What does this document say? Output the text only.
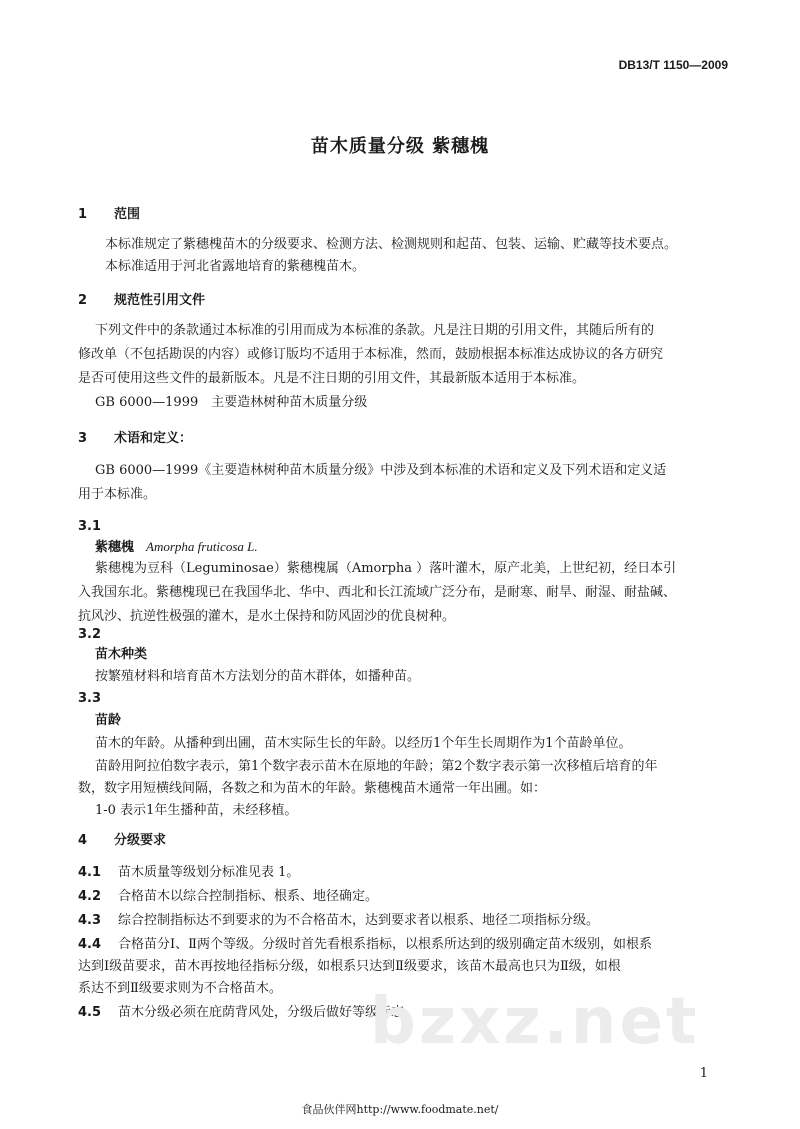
DB13/T 1150—2009
苗木质量分级 紫穗槐
1 范围
本标准规定了紫穗槐苗木的分级要求、检测方法、检测规则和起苗、包装、运输、贮藏等技术要点。
本标准适用于河北省露地培育的紫穗槐苗木。
2 规范性引用文件
下列文件中的条款通过本标准的引用而成为本标准的条款。凡是注日期的引用文件，其随后所有的
修改单（不包括勘误的内容）或修订版均不适用于本标准，然而，鼓励根据本标准达成协议的各方研究
是否可使用这些文件的最新版本。凡是不注日期的引用文件，其最新版本适用于本标准。
GB 6000—1999　主要造林树种苗木质量分级
3 术语和定义：
GB 6000—1999《主要造林树种苗木质量分级》中涉及到本标准的术语和定义及下列术语和定义适
用于本标准。
3.1
紫穗槐 Amorpha fruticosa L.
紫穗槐为豆科（Leguminosae）紫穗槐属（Amorpha ）落叶灌木，原产北美，上世纪初，经日本引
入我国东北。紫穗槐现已在我国华北、华中、西北和长江流域广泛分布，是耐寒、耐旱、耐湿、耐盐碱、
抗风沙、抗逆性极强的灌木，是水土保持和防风固沙的优良树种。
3.2
苗木种类
按繁殖材料和培育苗木方法划分的苗木群体，如播种苗。
3.3
苗龄
苗木的年龄。从播种到出圃，苗木实际生长的年龄。以经历1个年生长周期作为1个苗龄单位。
苗龄用阿拉伯数字表示，第1个数字表示苗木在原地的年龄；第2个数字表示第一次移植后培育的年
数，数字用短横线间隔，各数之和为苗木的年龄。紫穗槐苗木通常一年出圃。如：
1-0 表示1年生播种苗，未经移植。
4 分级要求
4.1 苗木质量等级划分标准见表 1。
4.2 合格苗木以综合控制指标、根系、地径确定。
4.3 综合控制指标达不到要求的为不合格苗木，达到要求者以根系、地径二项指标分级。
4.4 合格苗分Ⅰ、Ⅱ两个等级。分级时首先看根系指标，以根系所达到的级别确定苗木级别，如根系
达到Ⅰ级苗要求，苗木再按地径指标分级，如根系只达到Ⅱ级要求，该苗木最高也只为Ⅱ级，如根
系达不到Ⅱ级要求则为不合格苗木。
4.5 苗木分级必须在庇荫背风处，分级后做好等级标志。
bzxz.net
1
食品伙伴网http://www.foodmate.net/
